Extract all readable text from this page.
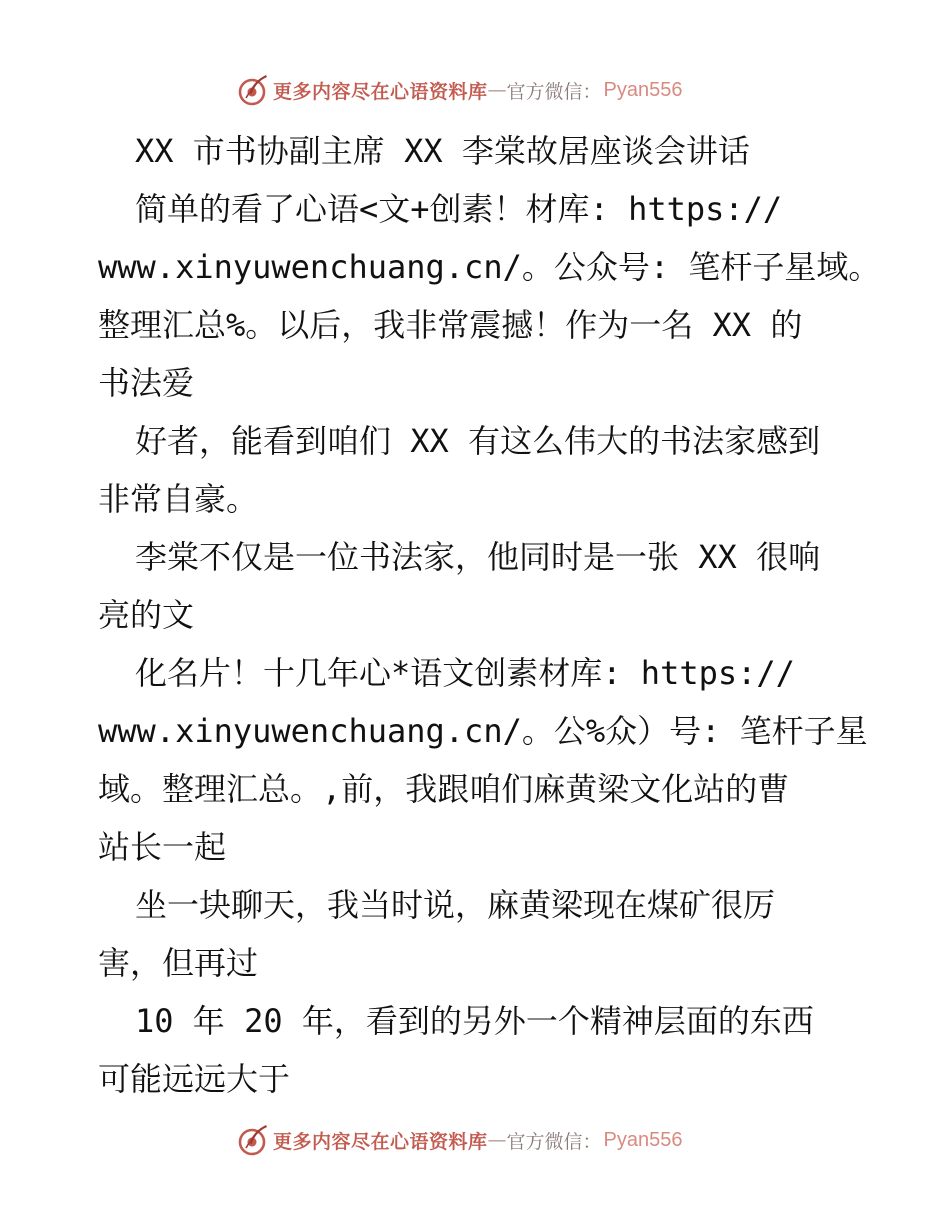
更多内容尽在心语资料库 — 官方微信： Pyan556

XX 市书协副主席 XX 李棠故居座谈会讲话

简单的看了心语<文+创素！材库: https://

www.xinyuwenchuang.cn/。公众号: 笔杆子星域。

整理汇总%。以后，我非常震撼！作为一名 XX 的

书法爱

好者，能看到咱们 XX 有这么伟大的书法家感到

非常自豪。

李棠不仅是一位书法家，他同时是一张 XX 很响

亮的文

化名片！十几年心*语文创素材库: https://

www.xinyuwenchuang.cn/。公%众）号: 笔杆子星

域。整理汇总。,前，我跟咱们麻黄梁文化站的曹

站长一起

坐一块聊天，我当时说，麻黄梁现在煤矿很厉

害，但再过

10 年 20 年，看到的另外一个精神层面的东西

可能远远大于

更多内容尽在心语资料库 — 官方微信： Pyan556
